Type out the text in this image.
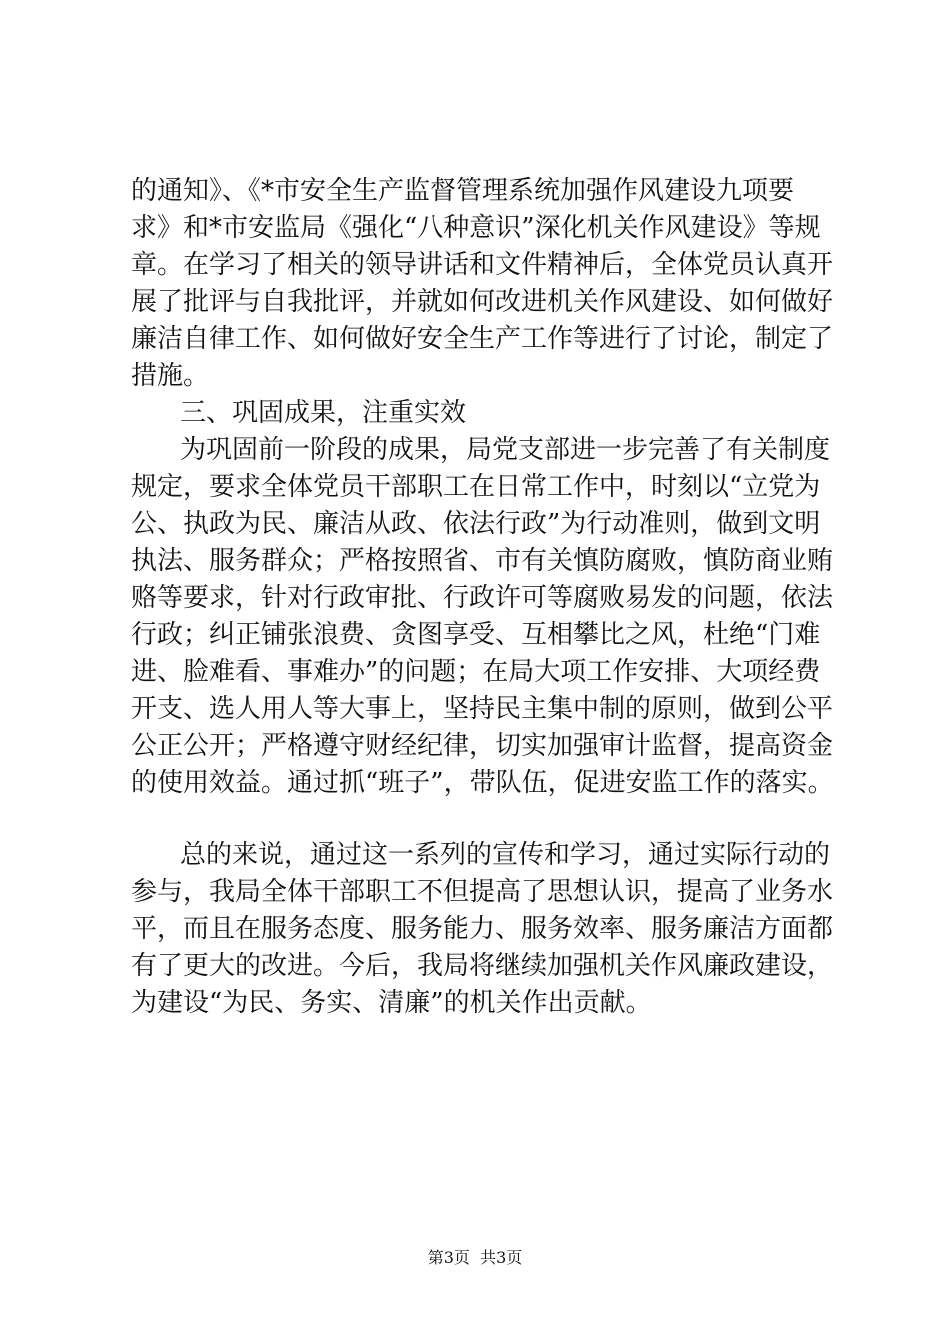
的通知》、《*市安全生产监督管理系统加强作风建设九项要
求》和*市安监局《强化“八种意识”深化机关作风建设》等规
章。在学习了相关的领导讲话和文件精神后，全体党员认真开
展了批评与自我批评，并就如何改进机关作风建设、如何做好
廉洁自律工作、如何做好安全生产工作等进行了讨论，制定了
措施。
三、巩固成果，注重实效
为巩固前一阶段的成果，局党支部进一步完善了有关制度
规定，要求全体党员干部职工在日常工作中，时刻以“立党为
公、执政为民、廉洁从政、依法行政”为行动准则，做到文明
执法、服务群众；严格按照省、市有关慎防腐败，慎防商业贿
赂等要求，针对行政审批、行政许可等腐败易发的问题，依法
行政；纠正铺张浪费、贪图享受、互相攀比之风，杜绝“门难
进、脸难看、事难办”的问题；在局大项工作安排、大项经费
开支、选人用人等大事上，坚持民主集中制的原则，做到公平
公正公开；严格遵守财经纪律，切实加强审计监督，提高资金
的使用效益。通过抓“班子”，带队伍，促进安监工作的落实。
总的来说，通过这一系列的宣传和学习，通过实际行动的
参与，我局全体干部职工不但提高了思想认识，提高了业务水
平，而且在服务态度、服务能力、服务效率、服务廉洁方面都
有了更大的改进。今后，我局将继续加强机关作风廉政建设，
为建设“为民、务实、清廉”的机关作出贡献。
第3页  共3页
